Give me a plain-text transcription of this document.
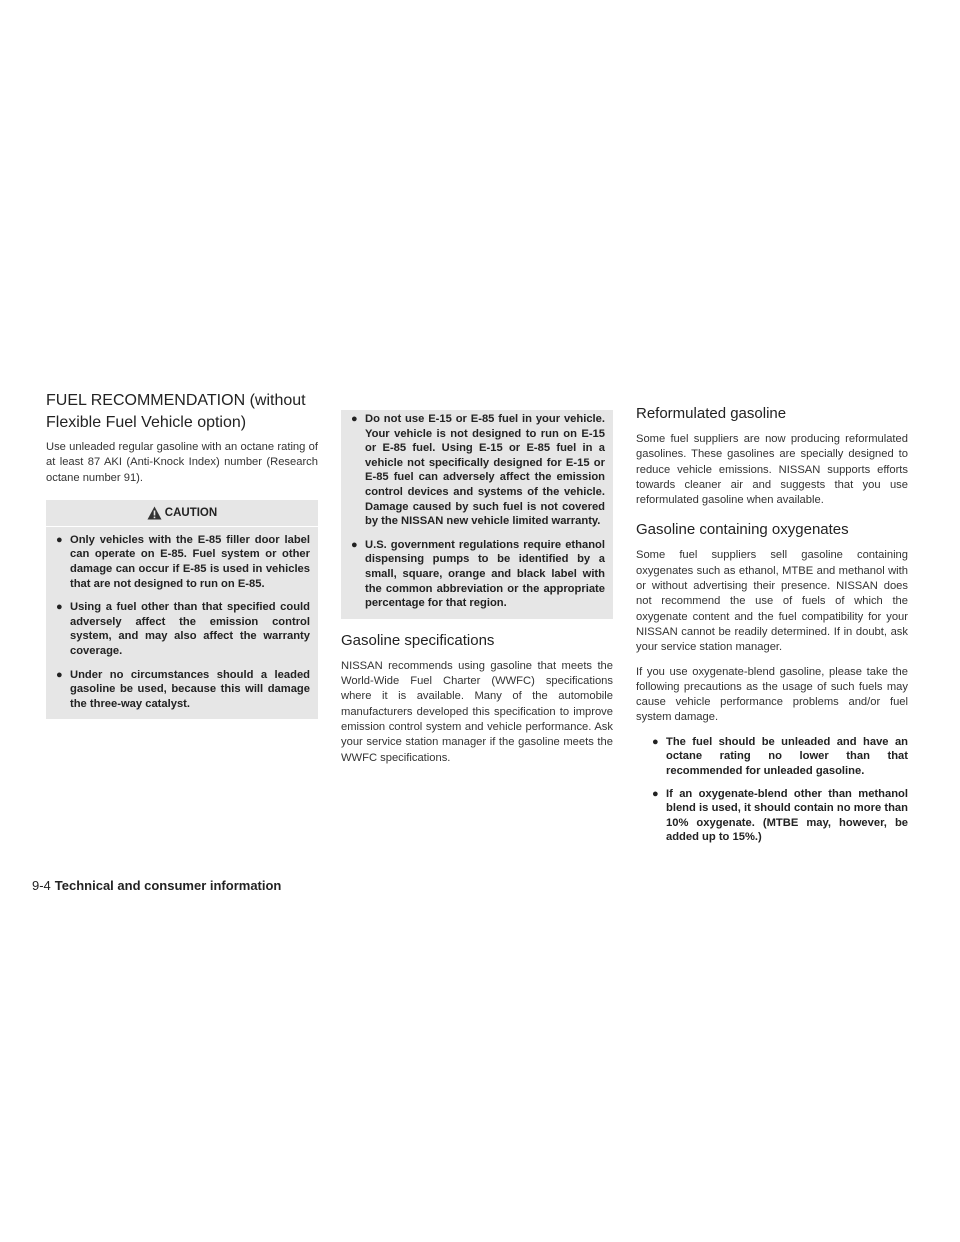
FUEL RECOMMENDATION (without
Flexible Fuel Vehicle option)

Use unleaded regular gasoline with an octane rating of at least 87 AKI (Anti-Knock Index) number (Research octane number 91).

CAUTION
● Only vehicles with the E-85 filler door label can operate on E-85. Fuel system or other damage can occur if E-85 is used in vehicles that are not designed to run on E-85.
● Using a fuel other than that specified could adversely affect the emission control system, and may also affect the warranty coverage.
● Under no circumstances should a leaded gasoline be used, because this will damage the three-way catalyst.
● Do not use E-15 or E-85 fuel in your vehicle. Your vehicle is not designed to run on E-15 or E-85 fuel. Using E-15 or E-85 fuel in a vehicle not specifically designed for E-15 or E-85 fuel can adversely affect the emission control devices and systems of the vehicle. Damage caused by such fuel is not covered by the NISSAN new vehicle limited warranty.
● U.S. government regulations require ethanol dispensing pumps to be identified by a small, square, orange and black label with the common abbreviation or the appropriate percentage for that region.
Gasoline specifications

NISSAN recommends using gasoline that meets the World-Wide Fuel Charter (WWFC) specifications where it is available. Many of the automobile manufacturers developed this specification to improve emission control system and vehicle performance. Ask your service station manager if the gasoline meets the WWFC specifications.

Reformulated gasoline

Some fuel suppliers are now producing reformulated gasolines. These gasolines are specially designed to reduce vehicle emissions. NISSAN supports efforts towards cleaner air and suggests that you use reformulated gasoline when available.

Gasoline containing oxygenates

Some fuel suppliers sell gasoline containing oxygenates such as ethanol, MTBE and methanol with or without advertising their presence. NISSAN does not recommend the use of fuels of which the oxygenate content and the fuel compatibility for your NISSAN cannot be readily determined. If in doubt, ask your service station manager.

If you use oxygenate-blend gasoline, please take the following precautions as the usage of such fuels may cause vehicle performance problems and/or fuel system damage.

● The fuel should be unleaded and have an octane rating no lower than that recommended for unleaded gasoline.
● If an oxygenate-blend other than methanol blend is used, it should contain no more than 10% oxygenate. (MTBE may, however, be added up to 15%.)
9-4 Technical and consumer information
